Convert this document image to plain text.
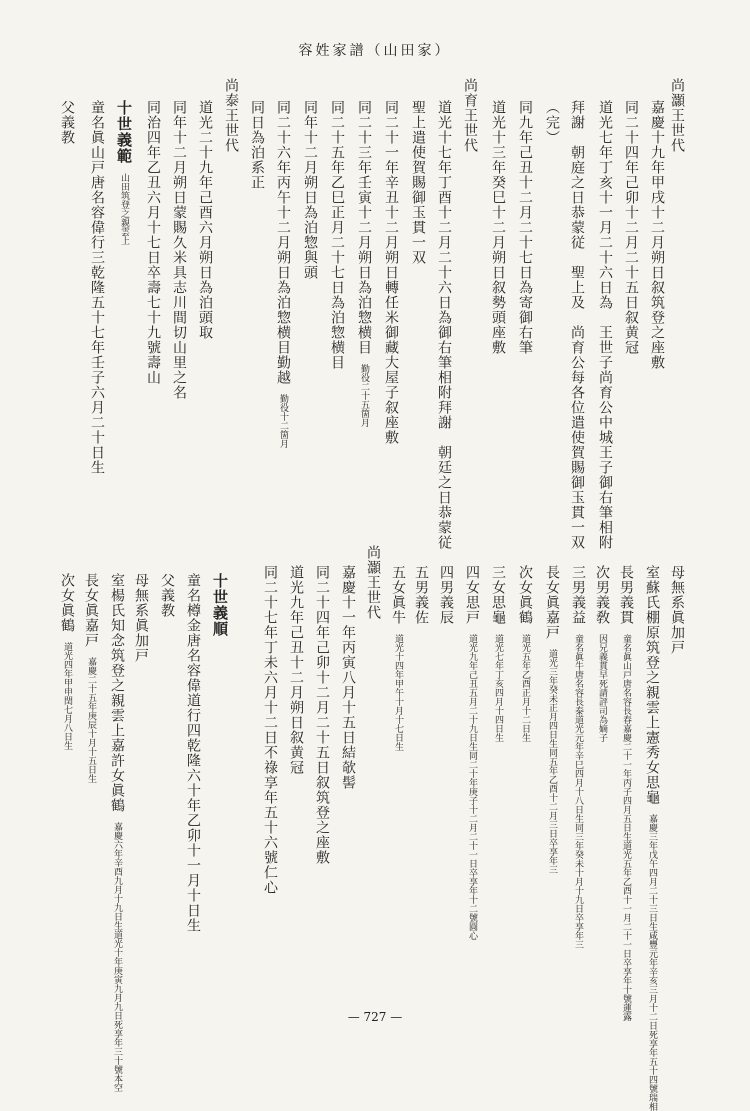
容姓家譜（山田家）
尚灝王世代
嘉慶十九年甲戌十二月朔日叙筑登之座敷
同二十四年己卯十二月二十五日叙黄冠
道光七年丁亥十一月二十六日為　王世子尚育公中城王子御右筆相附
拜謝　朝庭之日恭蒙従　聖上及　尚育公每各位遣使賀賜御玉貫一双
（完）
同九年己丑十二月二十七日為寄御右筆
道光十三年癸巳十二月朔日叙勢頭座敷
尚育王世代
道光十七年丁酉十二月二十六日為御右筆相附拜謝　朝廷之日恭蒙従
聖上遣使賀賜御玉貫一双
同二十一年辛丑十二月朔日轉任米御藏大屋子叙座敷
同二十三年壬寅十二月朔日為泊惣横目　勤役二十五箇月
同二十五年乙巳正月二十七日為泊惣横目
同年十二月朔日為泊惣與頭
同二十六年丙午十二月朔日為泊惣横目勤越　勤役十二箇月
同日為泊系正
尚泰王世代
道光二十九年己酉六月朔日為泊頭取
同年十二月朔日蒙賜久米具志川間切山里之名
同治四年乙丑六月十七日卒壽七十九號壽山
十世義範　山田筑登之親雲上
童名眞山戸唐名容偉行三乾隆五十七年壬子六月二十日生
父義教
母無系眞加戸
室蘇氏棚原筑登之親雲上憲秀女思龜　嘉慶三年戊午四月二十三日生咸豐元年辛亥三月十二日死享年五十四號瑞相
長男義貫　童名眞山戸唐名容長春嘉慶二十一年丙子四月五日生道光五年乙酉十一月二十一日卒享年十號蓮露
次男義敎　因兄義貫早死請評司為嫡子
三男義益　童名眞牛唐名容長泰道光元年辛巳四月十八日生同三年癸未十月十九日卒享年三
長女眞嘉戸　道光三年癸未正月四日生同五年乙酉十二月三日卒享年三
次女眞鶴　道光五年乙酉正月十二日生
三女思龜　道光七年丁亥四月十四日生
四女思戸　道光九年己丑五月二十九日生同二十年庚子十二月二十一日卒享年十二號圓心
四男義辰
五男義佐
五女眞牛　道光十四年甲午十月十七日生
尚灝王世代
嘉慶十一年丙寅八月十五日結欹髻
同二十四年己卯十二月二十五日叙筑登之座敷
道光九年己丑十二月朔日叙黄冠
同二十七年丁未六月十二日不祿享年五十六號仁心
十世義順
童名樽金唐名容偉道行四乾隆六十年乙卯十一月十日生
父義教
母無系眞加戸
室楊氏知念筑登之親雲上嘉許女眞鶴　嘉慶六年辛酉九月十九日生道光十年庚寅九月九日死享年三十號本空
長女眞嘉戸　嘉慶二十五年庚辰十月十五日生
次女眞鶴　道光四年甲申閏七月八日生
— 727 —
